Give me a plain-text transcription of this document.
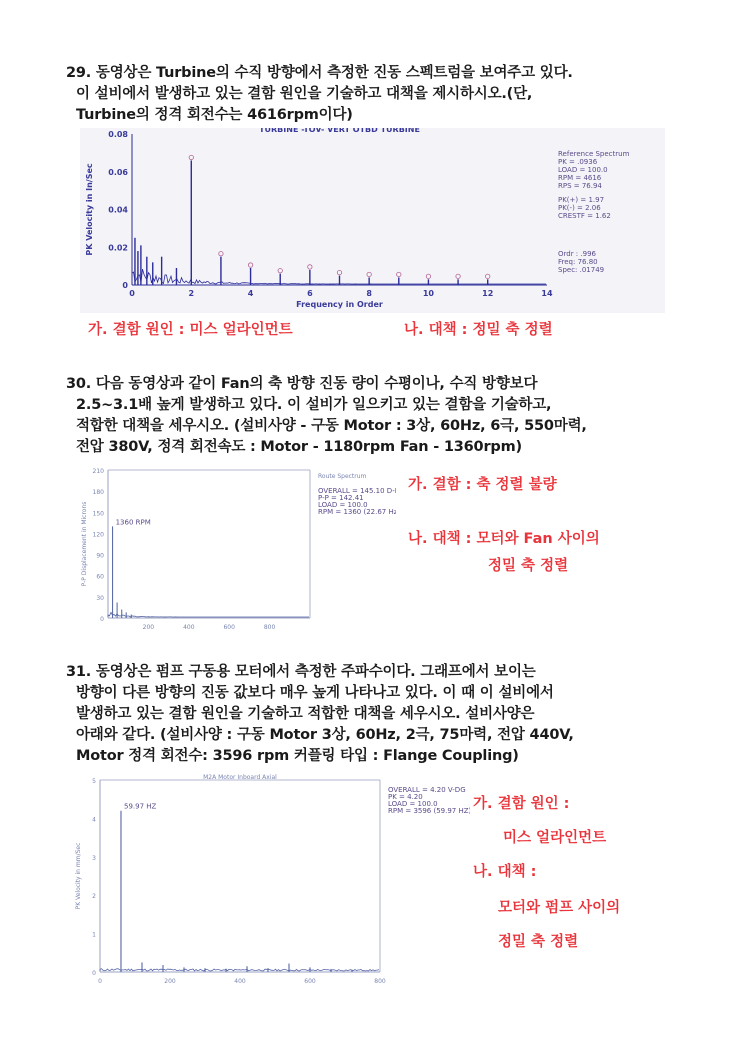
29. 동영상은 Turbine의 수직 방향에서 측정한 진동 스펙트럼을 보여주고 있다.
이 설비에서 발생하고 있는 결함 원인을 기술하고 대책을 제시하시오.(단,
Turbine의 정격 회전수는 4616rpm이다)
TURBINE -TOV- VERT OTBD TURBINE
0
0.02
0.04
0.06
0.08
0	2	4	6	8	10	12	14
Frequency in Order
PK Velocity in In/Sec
Reference Spectrum
PK = .0936
LOAD = 100.0
RPM = 4616
RPS = 76.94
PK(+) = 1.97
PK(-) = 2.06
CRESTF = 1.62
Ordr : .996
Freq: 76.80
Spec: .01749
가. 결함 원인 : 미스 얼라인먼트	나. 대책 : 정밀 축 정렬
30. 다음 동영상과 같이 Fan의 축 방향 진동 량이 수평이나, 수직 방향보다
2.5~3.1배 높게 발생하고 있다. 이 설비가 일으키고 있는 결함을 기술하고,
적합한 대책을 세우시오. (설비사양 - 구동 Motor : 3상, 60Hz, 6극, 550마력,
전압 380V, 정격 회전속도 : Motor - 1180rpm Fan - 1360rpm)
Route Spectrum
0
30
60
90
120
150
180
210
200	400	600	800
P-P Displacement in Microns	1360 RPM
OVERALL = 145.10 D-II
P-P = 142.41
LOAD = 100.0
RPM = 1360 (22.67 Hz)
가. 결함 : 축 정렬 불량
나. 대책 : 모터와 Fan 사이의
정밀 축 정렬
31. 동영상은 펌프 구동용 모터에서 측정한 주파수이다. 그래프에서 보이는
방향이 다른 방향의 진동 값보다 매우 높게 나타나고 있다. 이 때 이 설비에서
발생하고 있는 결함 원인을 기술하고 적합한 대책을 세우시오. 설비사양은
아래와 같다. (설비사양 : 구동 Motor 3상, 60Hz, 2극, 75마력, 전압 440V,
Motor 정격 회전수: 3596 rpm 커플링 타입 : Flange Coupling)
M2A Motor Inboard Axial
0
1
2
3
4
5
0	200	400	600	800
PK Velocity in mm/Sec
59.97 HZ
OVERALL = 4.20 V-DG
PK = 4.20
LOAD = 100.0
RPM = 3596 (59.97 HZ) 가. 결함 원인 :
미스 얼라인먼트
나. 대책 :
모터와 펌프 사이의
정밀 축 정렬
